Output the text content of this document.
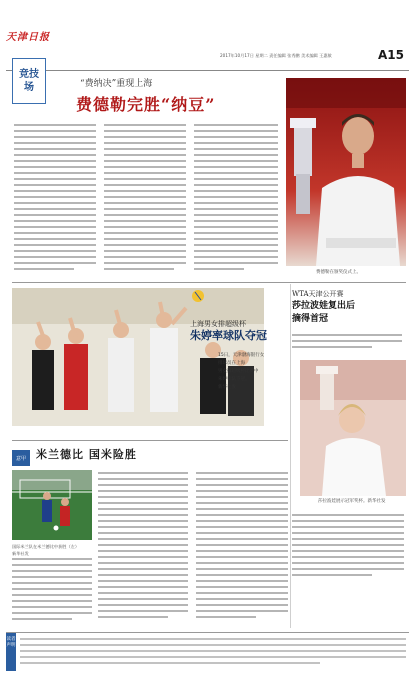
天津日报
2017年10月17日 星期二 责任编辑 张秀鹏 美术编辑 王惠敏	A15
竞技
场	“费纳决”重现上海
费德勒完胜“纳豆”
费德勒在颁奖仪式上。
上海男女排超级杯
朱婷率球队夺冠
15日，天津渤海银行女排球员在上海
男女排超级杯比赛中
朱婷率队夺冠。
新华社发
WTA天津公开赛
莎拉波娃复出后
摘得首冠
莎拉波娃展示冠军奖杯。新华社发
意甲 米兰德比 国米险胜
国际米兰队在米兰德比中获胜（左）
新华社发
读者声明
